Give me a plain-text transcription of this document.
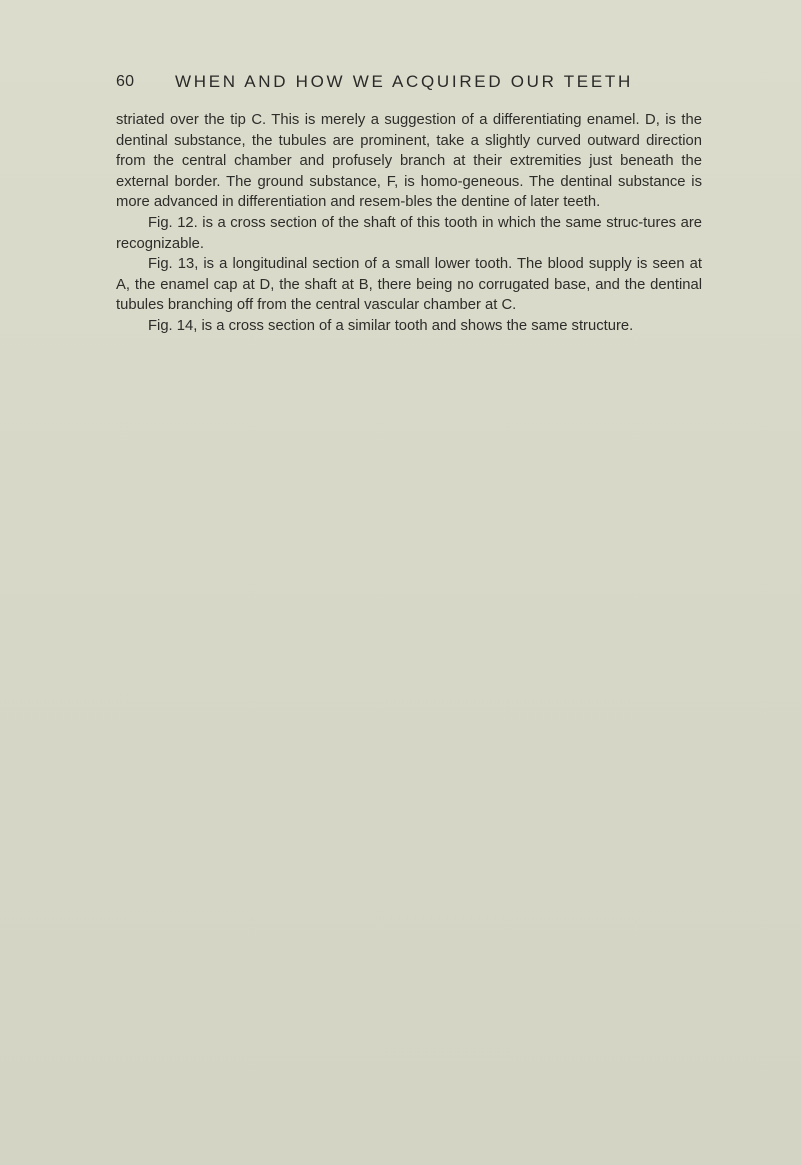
60 WHEN AND HOW WE ACQUIRED OUR TEETH

striated over the tip C. This is merely a suggestion of a differentiating enamel. D, is the dentinal substance, the tubules are prominent, take a slightly curved outward direction from the central chamber and profusely branch at their extremities just beneath the external border. The ground substance, F, is homo-geneous. The dentinal substance is more advanced in differentiation and resem-bles the dentine of later teeth.

Fig. 12. is a cross section of the shaft of this tooth in which the same struc-tures are recognizable.

Fig. 13, is a longitudinal section of a small lower tooth. The blood supply is seen at A, the enamel cap at D, the shaft at B, there being no corrugated base, and the dentinal tubules branching off from the central vascular chamber at C.

Fig. 14, is a cross section of a similar tooth and shows the same structure.
